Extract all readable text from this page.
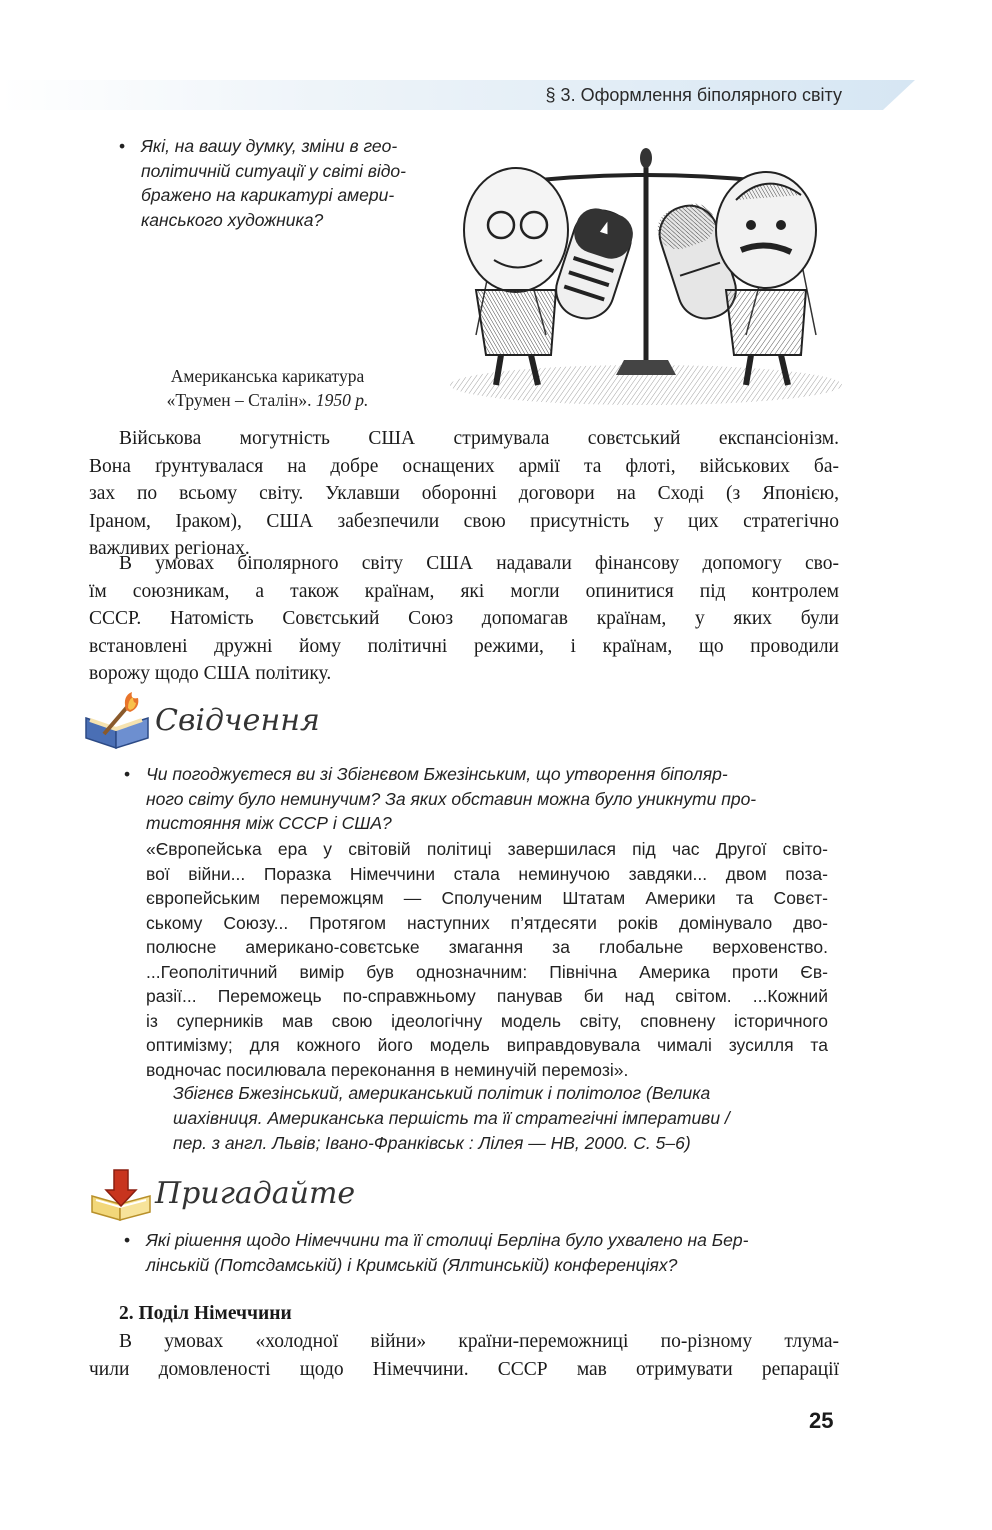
§ 3. Оформлення біполярного світу
• Які, на вашу думку, зміни в гео-
політичній ситуації у світі відо-
бражено на карикатурі амери-
канського художника?
Американська карикатура
«Трумен – Сталін». 1950 р.
Військова могутність США стримувала совєтський експансіонізм.
Вона ґрунтувалася на добре оснащених армії та флоті, військових ба-
зах по всьому світу. Уклавши оборонні договори на Сході (з Японією,
Іраном, Іраком), США забезпечили свою присутність у цих стратегічно
важливих регіонах.
В умовах біполярного світу США надавали фінансову допомогу сво-
їм союзникам, а також країнам, які могли опинитися під контролем
СССР. Натомість Совєтський Союз допомагав країнам, у яких були
встановлені дружні йому політичні режими, і країнам, що проводили
ворожу щодо США політику.
Свідчення
• Чи погоджуєтеся ви зі Збігнєвом Бжезінським, що утворення біполяр-
ного світу було неминучим? За яких обставин можна було уникнути про-
тистояння між СССР і США?
«Європейська ера у світовій політиці завершилася під час Другої світо-
вої війни... Поразка Німеччини стала неминучою завдяки... двом поза-
європейським переможцям — Сполученим Штатам Америки та Совєт-
ському Союзу... Протягом наступних п’ятдесяти років домінувало дво-
полюсне американо-совєтське змагання за глобальне верховенство.
...Геополітичний вимір був однозначним: Північна Америка проти Єв-
разії... Переможець по-справжньому панував би над світом. ...Кожний
із суперників мав свою ідеологічну модель світу, сповнену історичного
оптимізму; для кожного його модель виправдовувала чималі зусилля та
водночас посилювала переконання в неминучій перемозі».
Збігнєв Бжезінський, американський політик і політолог (Велика
шахівниця. Американська першість та її стратегічні імперативи /
пер. з англ. Львів; Івано-Франківськ : Лілея — НВ, 2000. С. 5–6)
Пригадайте
• Які рішення щодо Німеччини та її столиці Берліна було ухвалено на Бер-
лінській (Потсдамській) і Кримській (Ялтинській) конференціях?
2. Поділ Німеччини
В умовах «холодної війни» країни-переможниці по-різному тлума-
чили домовленості щодо Німеччини. СССР мав отримувати репарації
25
